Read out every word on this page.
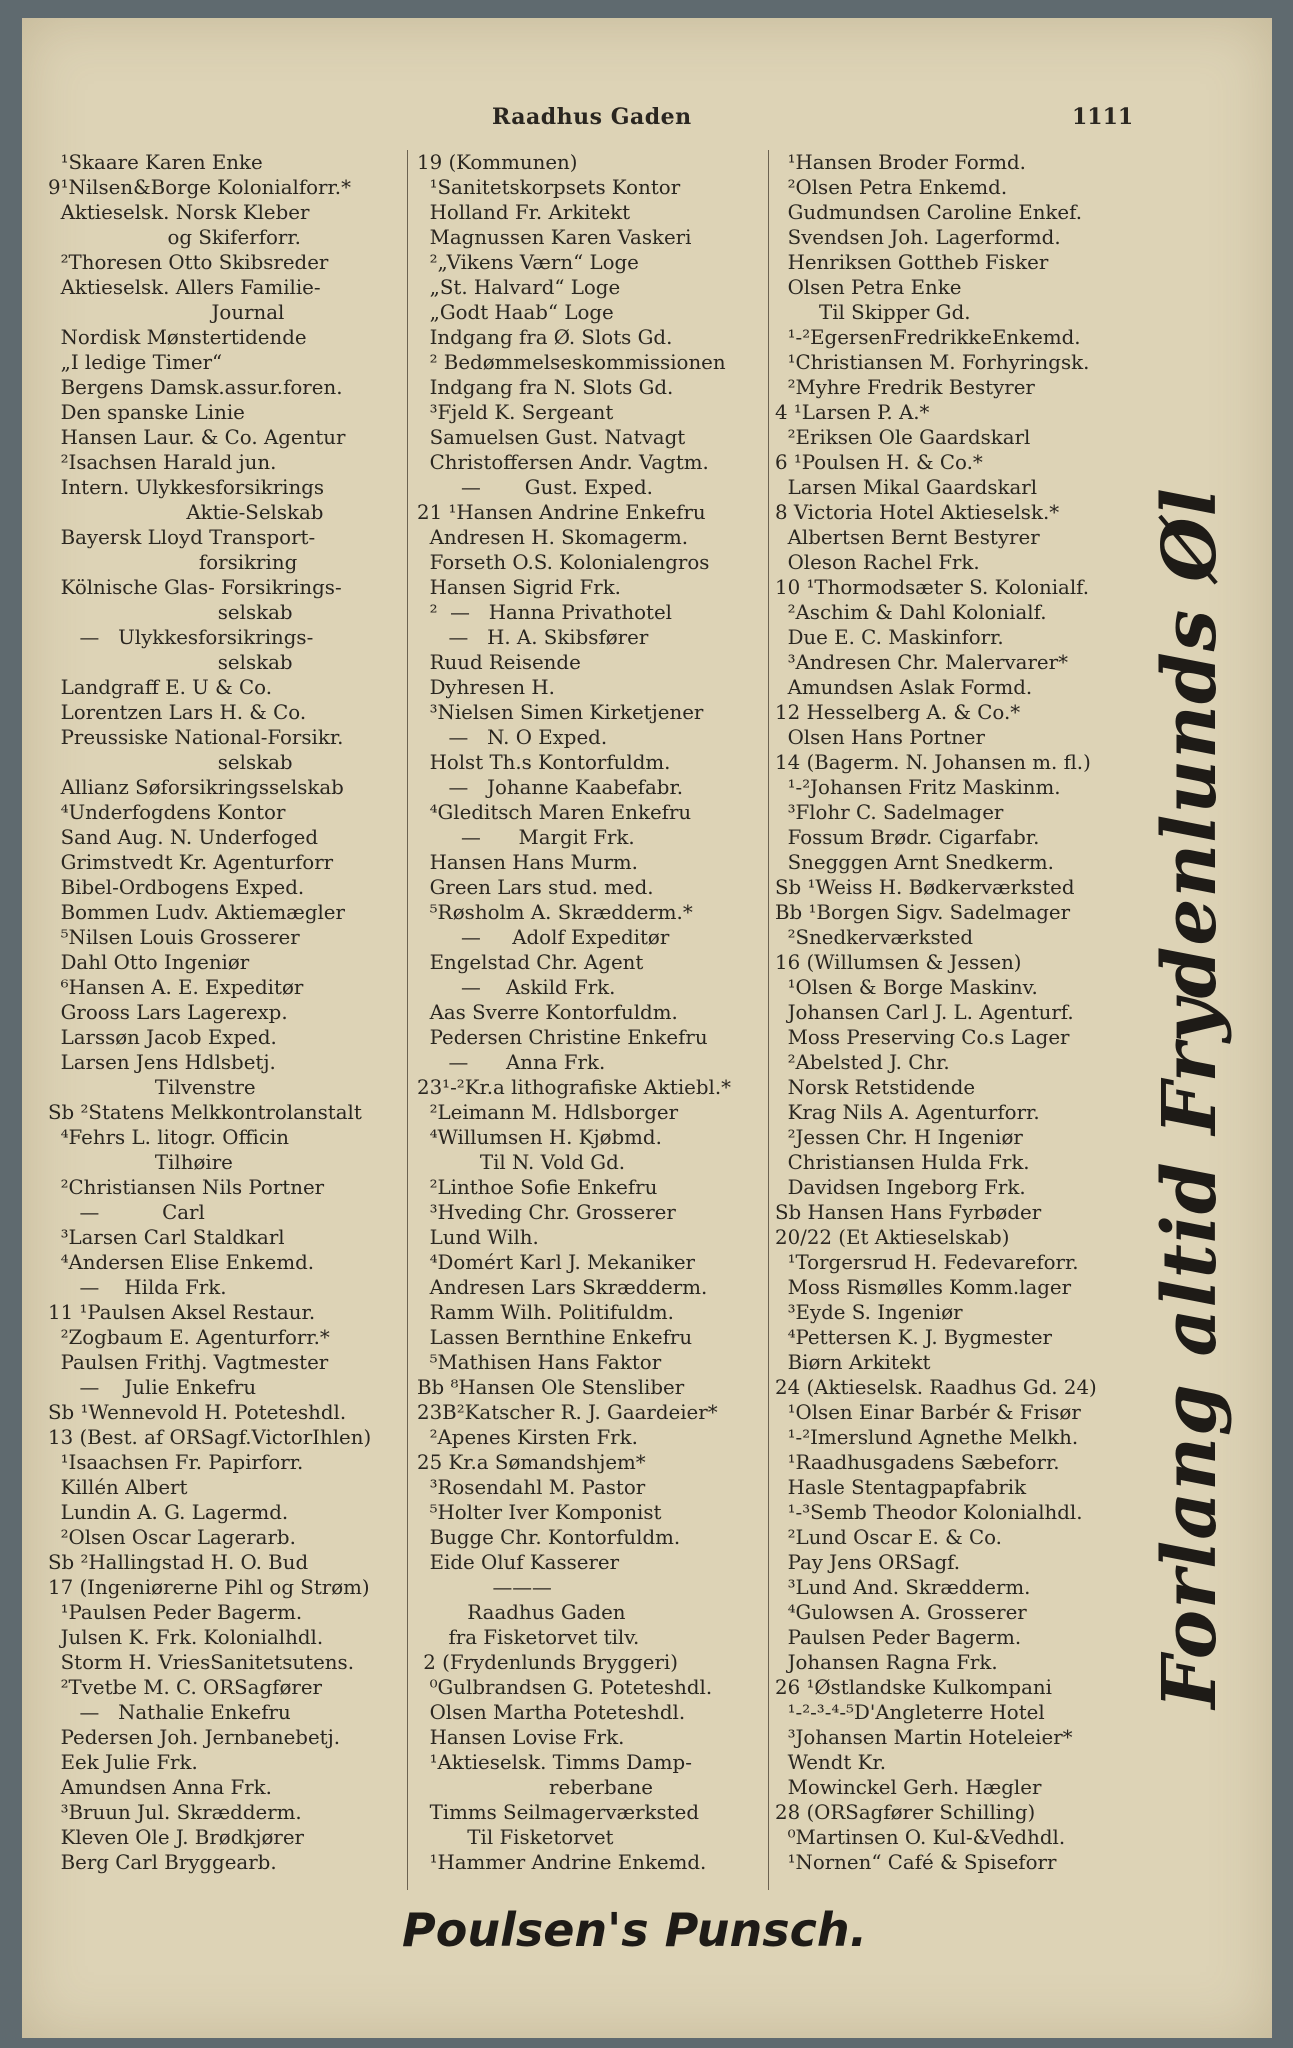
Raadhus Gaden	1111
¹Skaare Karen Enke
9¹Nilsen&Borge Kolonialforr.*
Aktieselsk. Norsk Kleber
og Skiferforr.
²Thoresen Otto Skibsreder
Aktieselsk. Allers Familie-
Journal
Nordisk Mønstertidende
„I ledige Timer“
Bergens Damsk.assur.foren.
Den spanske Linie
Hansen Laur. & Co. Agentur
²Isachsen Harald jun.
Intern. Ulykkesforsikrings
Aktie-Selskab
Bayersk Lloyd Transport-
forsikring
Kölnische Glas- Forsikrings-
selskab
—   Ulykkesforsikrings-
selskab
Landgraff E. U & Co.
Lorentzen Lars H. & Co.
Preussiske National-Forsikr.
selskab
Allianz Søforsikringsselskab
⁴Underfogdens Kontor
Sand Aug. N. Underfoged
Grimstvedt Kr. Agenturforr
Bibel-Ordbogens Exped.
Bommen Ludv. Aktiemægler
⁵Nilsen Louis Grosserer
Dahl Otto Ingeniør
⁶Hansen A. E. Expeditør
Grooss Lars Lagerexp.
Larssøn Jacob Exped.
Larsen Jens Hdlsbetj.
Tilvenstre
Sb ²Statens Melkkontrolanstalt
⁴Fehrs L. litogr. Officin
Tilhøire
²Christiansen Nils Portner
—          Carl
³Larsen Carl Staldkarl
⁴Andersen Elise Enkemd.
—    Hilda Frk.
11 ¹Paulsen Aksel Restaur.
²Zogbaum E. Agenturforr.*
Paulsen Frithj. Vagtmester
—    Julie Enkefru
Sb ¹Wennevold H. Poteteshdl.
13 (Best. af ORSagf.VictorIhlen)
¹Isaachsen Fr. Papirforr.
Killén Albert
Lundin A. G. Lagermd.
²Olsen Oscar Lagerarb.
Sb ²Hallingstad H. O. Bud
17 (Ingeniørerne Pihl og Strøm)
¹Paulsen Peder Bagerm.
Julsen K. Frk. Kolonialhdl.
Storm H. VriesSanitetsutens.
²Tvetbe M. C. ORSagfører
—   Nathalie Enkefru
Pedersen Joh. Jernbanebetj.
Eek Julie Frk.
Amundsen Anna Frk.
³Bruun Jul. Skrædderm.
Kleven Ole J. Brødkjører
Berg Carl Bryggearb.
19 (Kommunen)
¹Sanitetskorpsets Kontor
Holland Fr. Arkitekt
Magnussen Karen Vaskeri
²„Vikens Værn“ Loge
„St. Halvard“ Loge
„Godt Haab“ Loge
Indgang fra Ø. Slots Gd.
² Bedømmelseskommissionen
Indgang fra N. Slots Gd.
³Fjeld K. Sergeant
Samuelsen Gust. Natvagt
Christoffersen Andr. Vagtm.
—       Gust. Exped.
21 ¹Hansen Andrine Enkefru
Andresen H. Skomagerm.
Forseth O.S. Kolonialengros
Hansen Sigrid Frk.
²  —   Hanna Privathotel
—   H. A. Skibsfører
Ruud Reisende
Dyhresen H.
³Nielsen Simen Kirketjener
—   N. O Exped.
Holst Th.s Kontorfuldm.
—   Johanne Kaabefabr.
⁴Gleditsch Maren Enkefru
—      Margit Frk.
Hansen Hans Murm.
Green Lars stud. med.
⁵Røsholm A. Skrædderm.*
—     Adolf Expeditør
Engelstad Chr. Agent
—    Askild Frk.
Aas Sverre Kontorfuldm.
Pedersen Christine Enkefru
—      Anna Frk.
23¹-²Kr.a lithografiske Aktiebl.*
²Leimann M. Hdlsborger
⁴Willumsen H. Kjøbmd.
Til N. Vold Gd.
²Linthoe Sofie Enkefru
³Hveding Chr. Grosserer
Lund Wilh.
⁴Domért Karl J. Mekaniker
Andresen Lars Skrædderm.
Ramm Wilh. Politifuldm.
Lassen Bernthine Enkefru
⁵Mathisen Hans Faktor
Bb ⁸Hansen Ole Stensliber
23B²Katscher R. J. Gaardeier*
²Apenes Kirsten Frk.
25 Kr.a Sømandshjem*
³Rosendahl M. Pastor
⁵Holter Iver Komponist
Bugge Chr. Kontorfuldm.
Eide Oluf Kasserer
———
Raadhus Gaden
fra Fisketorvet tilv.
2 (Frydenlunds Bryggeri)
⁰Gulbrandsen G. Poteteshdl.
Olsen Martha Poteteshdl.
Hansen Lovise Frk.
¹Aktieselsk. Timms Damp-
reberbane
Timms Seilmagerværksted
Til Fisketorvet
¹Hammer Andrine Enkemd.
¹Hansen Broder Formd.
²Olsen Petra Enkemd.
Gudmundsen Caroline Enkef.
Svendsen Joh. Lagerformd.
Henriksen Gottheb Fisker
Olsen Petra Enke
Til Skipper Gd.
¹-²EgersenFredrikkeEnkemd.
¹Christiansen M. Forhyringsk.
²Myhre Fredrik Bestyrer
4 ¹Larsen P. A.*
²Eriksen Ole Gaardskarl
6 ¹Poulsen H. & Co.*
Larsen Mikal Gaardskarl
8 Victoria Hotel Aktieselsk.*
Albertsen Bernt Bestyrer
Oleson Rachel Frk.
10 ¹Thormodsæter S. Kolonialf.
²Aschim & Dahl Kolonialf.
Due E. C. Maskinforr.
³Andresen Chr. Malervarer*
Amundsen Aslak Formd.
12 Hesselberg A. & Co.*
Olsen Hans Portner
14 (Bagerm. N. Johansen m. fl.)
¹-²Johansen Fritz Maskinm.
³Flohr C. Sadelmager
Fossum Brødr. Cigarfabr.
Snegggen Arnt Snedkerm.
Sb ¹Weiss H. Bødkerværksted
Bb ¹Borgen Sigv. Sadelmager
²Snedkerværksted
16 (Willumsen & Jessen)
¹Olsen & Borge Maskinv.
Johansen Carl J. L. Agenturf.
Moss Preserving Co.s Lager
²Abelsted J. Chr.
Norsk Retstidende
Krag Nils A. Agenturforr.
²Jessen Chr. H Ingeniør
Christiansen Hulda Frk.
Davidsen Ingeborg Frk.
Sb Hansen Hans Fyrbøder
20/22 (Et Aktieselskab)
¹Torgersrud H. Fedevareforr.
Moss Rismølles Komm.lager
³Eyde S. Ingeniør
⁴Pettersen K. J. Bygmester
Biørn Arkitekt
24 (Aktieselsk. Raadhus Gd. 24)
¹Olsen Einar Barbér & Frisør
¹-²Imerslund Agnethe Melkh.
¹Raadhusgadens Sæbeforr.
Hasle Stentagpapfabrik
¹-³Semb Theodor Kolonialhdl.
²Lund Oscar E. & Co.
Pay Jens ORSagf.
³Lund And. Skrædderm.
⁴Gulowsen A. Grosserer
Paulsen Peder Bagerm.
Johansen Ragna Frk.
26 ¹Østlandske Kulkompani
¹-²-³-⁴-⁵D'Angleterre Hotel
³Johansen Martin Hoteleier*
Wendt Kr.
Mowinckel Gerh. Hægler
28 (ORSagfører Schilling)
⁰Martinsen O. Kul-&Vedhdl.
¹Nornen“ Café & Spiseforr
Forlang altid Frydenlunds Øl
Poulsen's Punsch.
